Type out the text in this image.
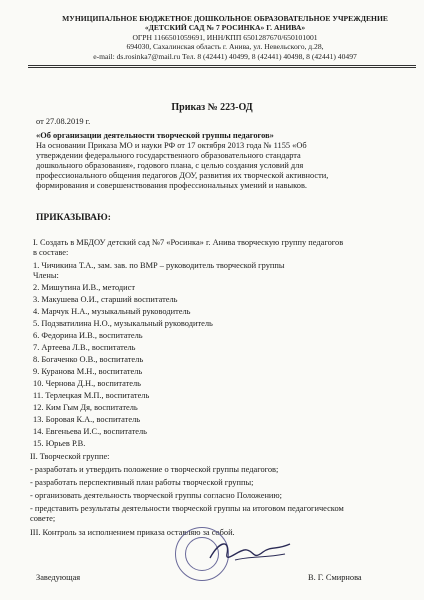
МУНИЦИПАЛЬНОЕ БЮДЖЕТНОЕ ДОШКОЛЬНОЕ ОБРАЗОВАТЕЛЬНОЕ УЧРЕЖДЕНИЕ
«ДЕТСКИЙ САД № 7 РОСИНКА» Г. АНИВА»
ОГРН 1166501059691, ИНН/КПП 6501287670/650101001
694030, Сахалинская область г. Анива, ул. Невельского, д.28,
e-mail: ds.rosinka7@mail.ru Тел. 8 (42441) 40499, 8 (42441) 40498, 8 (42441) 40497
Приказ № 223-ОД
от 27.08.2019 г.
«Об организации деятельности творческой группы педагогов»
На основании Приказа МО и науки РФ от 17 октября 2013 года № 1155 «Об
утверждении федерального государственного образовательного стандарта
дошкольного образования», годового плана, с целью создания условий для
профессионального общения педагогов ДОУ, развития их творческой активности,
формирования и совершенствования профессиональных умений и навыков.
ПРИКАЗЫВАЮ:
I. Создать в МБДОУ детский сад №7 «Росинка» г. Анива творческую группу педагогов
в составе:
1. Чичикина Т.А., зам. зав. по ВМР – руководитель творческой группы
Члены:
2. Мишутина И.В., методист
3. Макушева О.И., старший воспитатель
4. Марчук Н.А., музыкальный руководитель
5. Подзватилина Н.О., музыкальный руководитель
6. Федорина И.В., воспитатель
7. Артеева Л.В., воспитатель
8. Богаченко О.В., воспитатель
9. Куранова М.Н., воспитатель
10. Чернова Д.Н., воспитатель
11. Терлецкая М.П., воспитатель
12. Ким Гым Дя, воспитатель
13. Боровая К.А., воспитатель
14. Евгеньева И.С., воспитатель
15. Юрьев Р.В.
II. Творческой группе:
- разработать и утвердить положение о творческой группы педагогов;
- разработать перспективный план работы творческой группы;
- организовать деятельность творческой группы согласно Положению;
- представить результаты деятельности творческой группы на итоговом педагогическом
совете;
III. Контроль за исполнением приказа оставляю за собой.
Заведующая	В. Г. Смирнова
